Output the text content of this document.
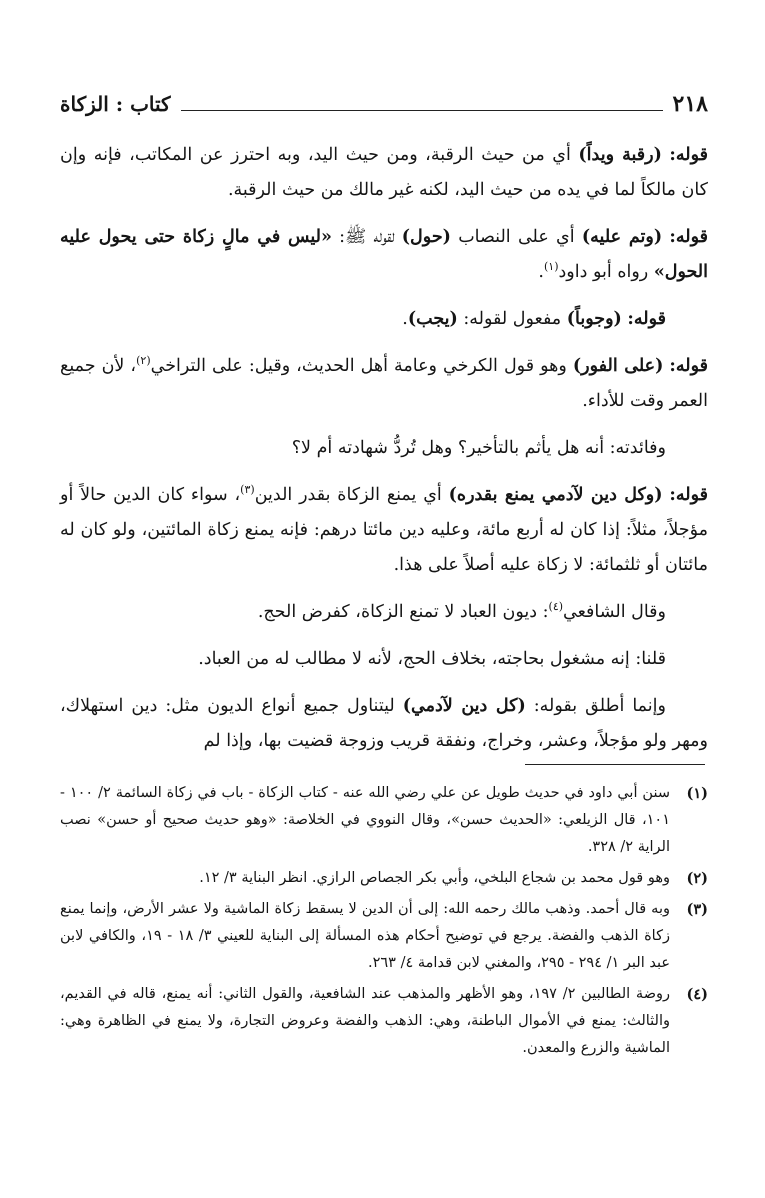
٢١٨
كتاب : الزكاة

قوله: (رقبة ويداً) أي من حيث الرقبة، ومن حيث اليد، وبه احترز عن المكاتب، فإنه وإن كان مالكاً لما في يده من حيث اليد، لكنه غير مالك من حيث الرقبة.

قوله: (وتم عليه) أي على النصاب (حول) لقوله ﷺ: «ليس في مالٍ زكاة حتى يحول عليه الحول» رواه أبو داود$^{(١)}$.

قوله: (وجوباً) مفعول لقوله: (يجب).

قوله: (على الفور) وهو قول الكرخي وعامة أهل الحديث، وقيل: على التراخي$^{(٢)}$، لأن جميع العمر وقت للأداء.

وفائدته: أنه هل يأثم بالتأخير؟ وهل تُردُّ شهادته أم لا؟

قوله: (وكل دين لآدمي يمنع بقدره) أي يمنع الزكاة بقدر الدين$^{(٣)}$، سواء كان الدين حالاً أو مؤجلاً، مثلاً: إذا كان له أربع مائة، وعليه دين مائتا درهم: فإنه يمنع زكاة المائتين، ولو كان له مائتان أو ثلثمائة: لا زكاة عليه أصلاً على هذا.

وقال الشافعي$^{(٤)}$: ديون العباد لا تمنع الزكاة، كفرض الحج.

قلنا: إنه مشغول بحاجته، بخلاف الحج، لأنه لا مطالب له من العباد.

وإنما أطلق بقوله: (كل دين لآدمي) ليتناول جميع أنواع الديون مثل: دين استهلاك، ومهر ولو مؤجلاً، وعشر، وخراج، ونفقة قريب وزوجة قضيت بها، وإذا لم

(١)
سنن أبي داود في حديث طويل عن علي رضي الله عنه - كتاب الزكاة - باب في زكاة السائمة ٢/ ١٠٠ - ١٠١، قال الزيلعي: «الحديث حسن»، وقال النووي في الخلاصة: «وهو حديث صحيح أو حسن» نصب الراية ٢/ ٣٢٨.
(٢)
وهو قول محمد بن شجاع البلخي، وأبي بكر الجصاص الرازي. انظر البناية ٣/ ١٢.
(٣)
وبه قال أحمد. وذهب مالك رحمه الله: إلى أن الدين لا يسقط زكاة الماشية ولا عشر الأرض، وإنما يمنع زكاة الذهب والفضة. يرجع في توضيح أحكام هذه المسألة إلى البناية للعيني ٣/ ١٨ - ١٩، والكافي لابن عبد البر ١/ ٢٩٤ - ٢٩٥، والمغني لابن قدامة ٤/ ٢٦٣.
(٤)
روضة الطالبين ٢/ ١٩٧، وهو الأظهر والمذهب عند الشافعية، والقول الثاني: أنه يمنع، قاله في القديم، والثالث: يمنع في الأموال الباطنة، وهي: الذهب والفضة وعروض التجارة، ولا يمنع في الظاهرة وهي: الماشية والزرع والمعدن.
